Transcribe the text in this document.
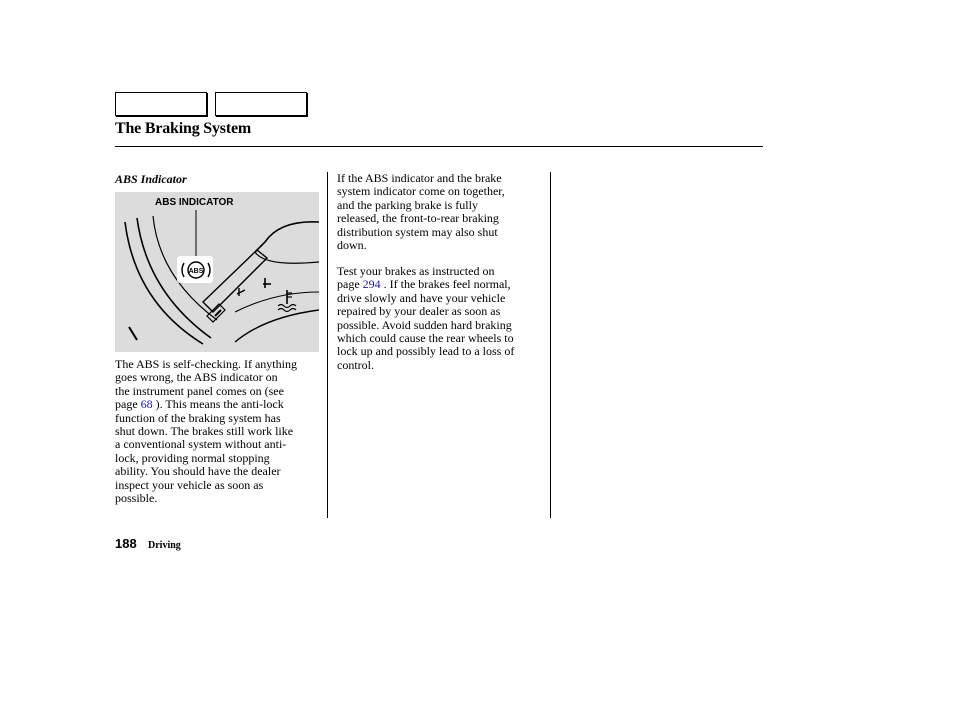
The Braking System
ABS Indicator
ABS INDICATOR
ABS
The ABS is self-checking. If anything
goes wrong, the ABS indicator on
the instrument panel comes on (see
page 68 ). This means the anti-lock
function of the braking system has
shut down. The brakes still work like
a conventional system without anti-
lock, providing normal stopping
ability. You should have the dealer
inspect your vehicle as soon as
possible.
If the ABS indicator and the brake
system indicator come on together,
and the parking brake is fully
released, the front-to-rear braking
distribution system may also shut
down.
Test your brakes as instructed on
page 294 . If the brakes feel normal,
drive slowly and have your vehicle
repaired by your dealer as soon as
possible. Avoid sudden hard braking
which could cause the rear wheels to
lock up and possibly lead to a loss of
control.
188 Driving
